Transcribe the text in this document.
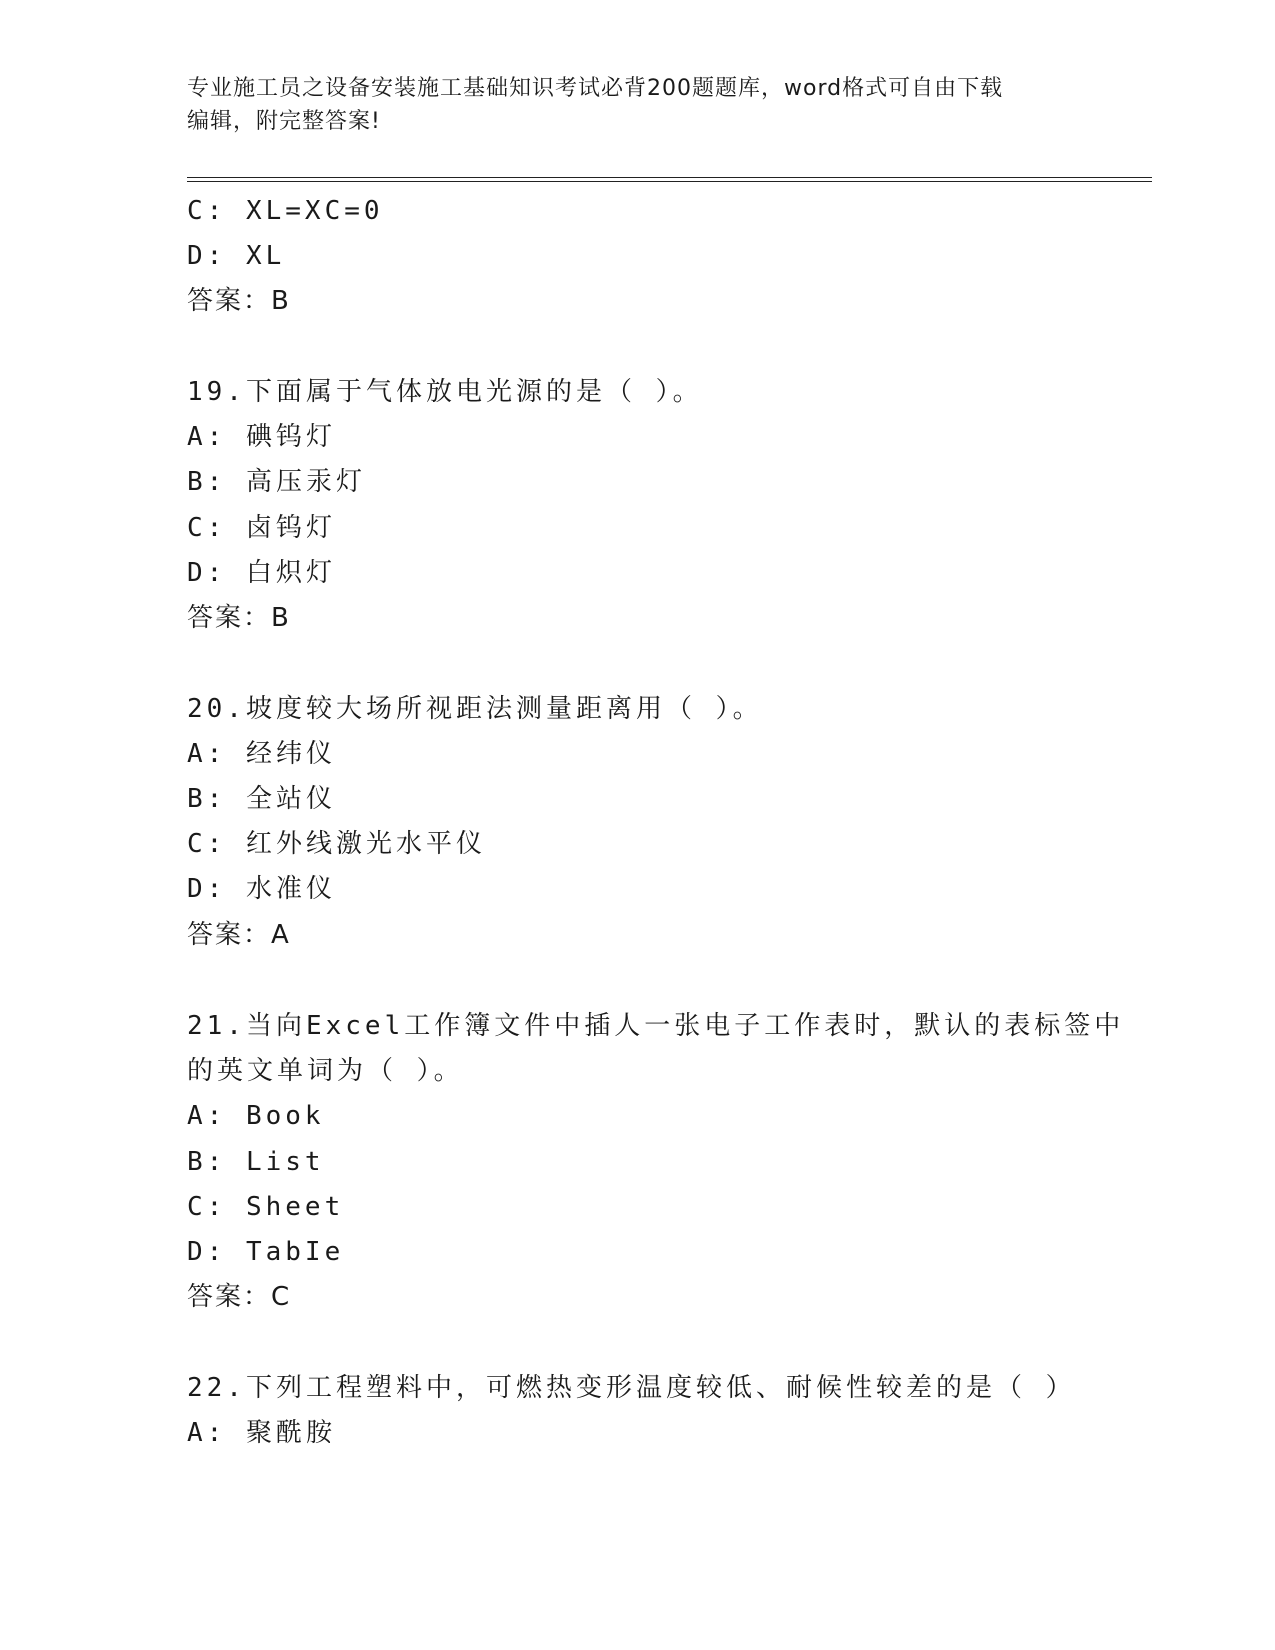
专业施工员之设备安装施工基础知识考试必背200题题库，word格式可自由下载
编辑，附完整答案!
C: XL=XC=0
D: XL
答案：B
19.下面属于气体放电光源的是（ ）。
A: 碘钨灯
B: 高压汞灯
C: 卤钨灯
D: 白炽灯
答案：B
20.坡度较大场所视距法测量距离用（ ）。
A: 经纬仪
B: 全站仪
C: 红外线激光水平仪
D: 水准仪
答案：A
21.当向Excel工作簿文件中插人一张电子工作表时，默认的表标签中
的英文单词为（ ）。
A: Book
B: List
C: Sheet
D: TabIe
答案：C
22.下列工程塑料中，可燃热变形温度较低、耐候性较差的是（ ）
A: 聚酰胺
